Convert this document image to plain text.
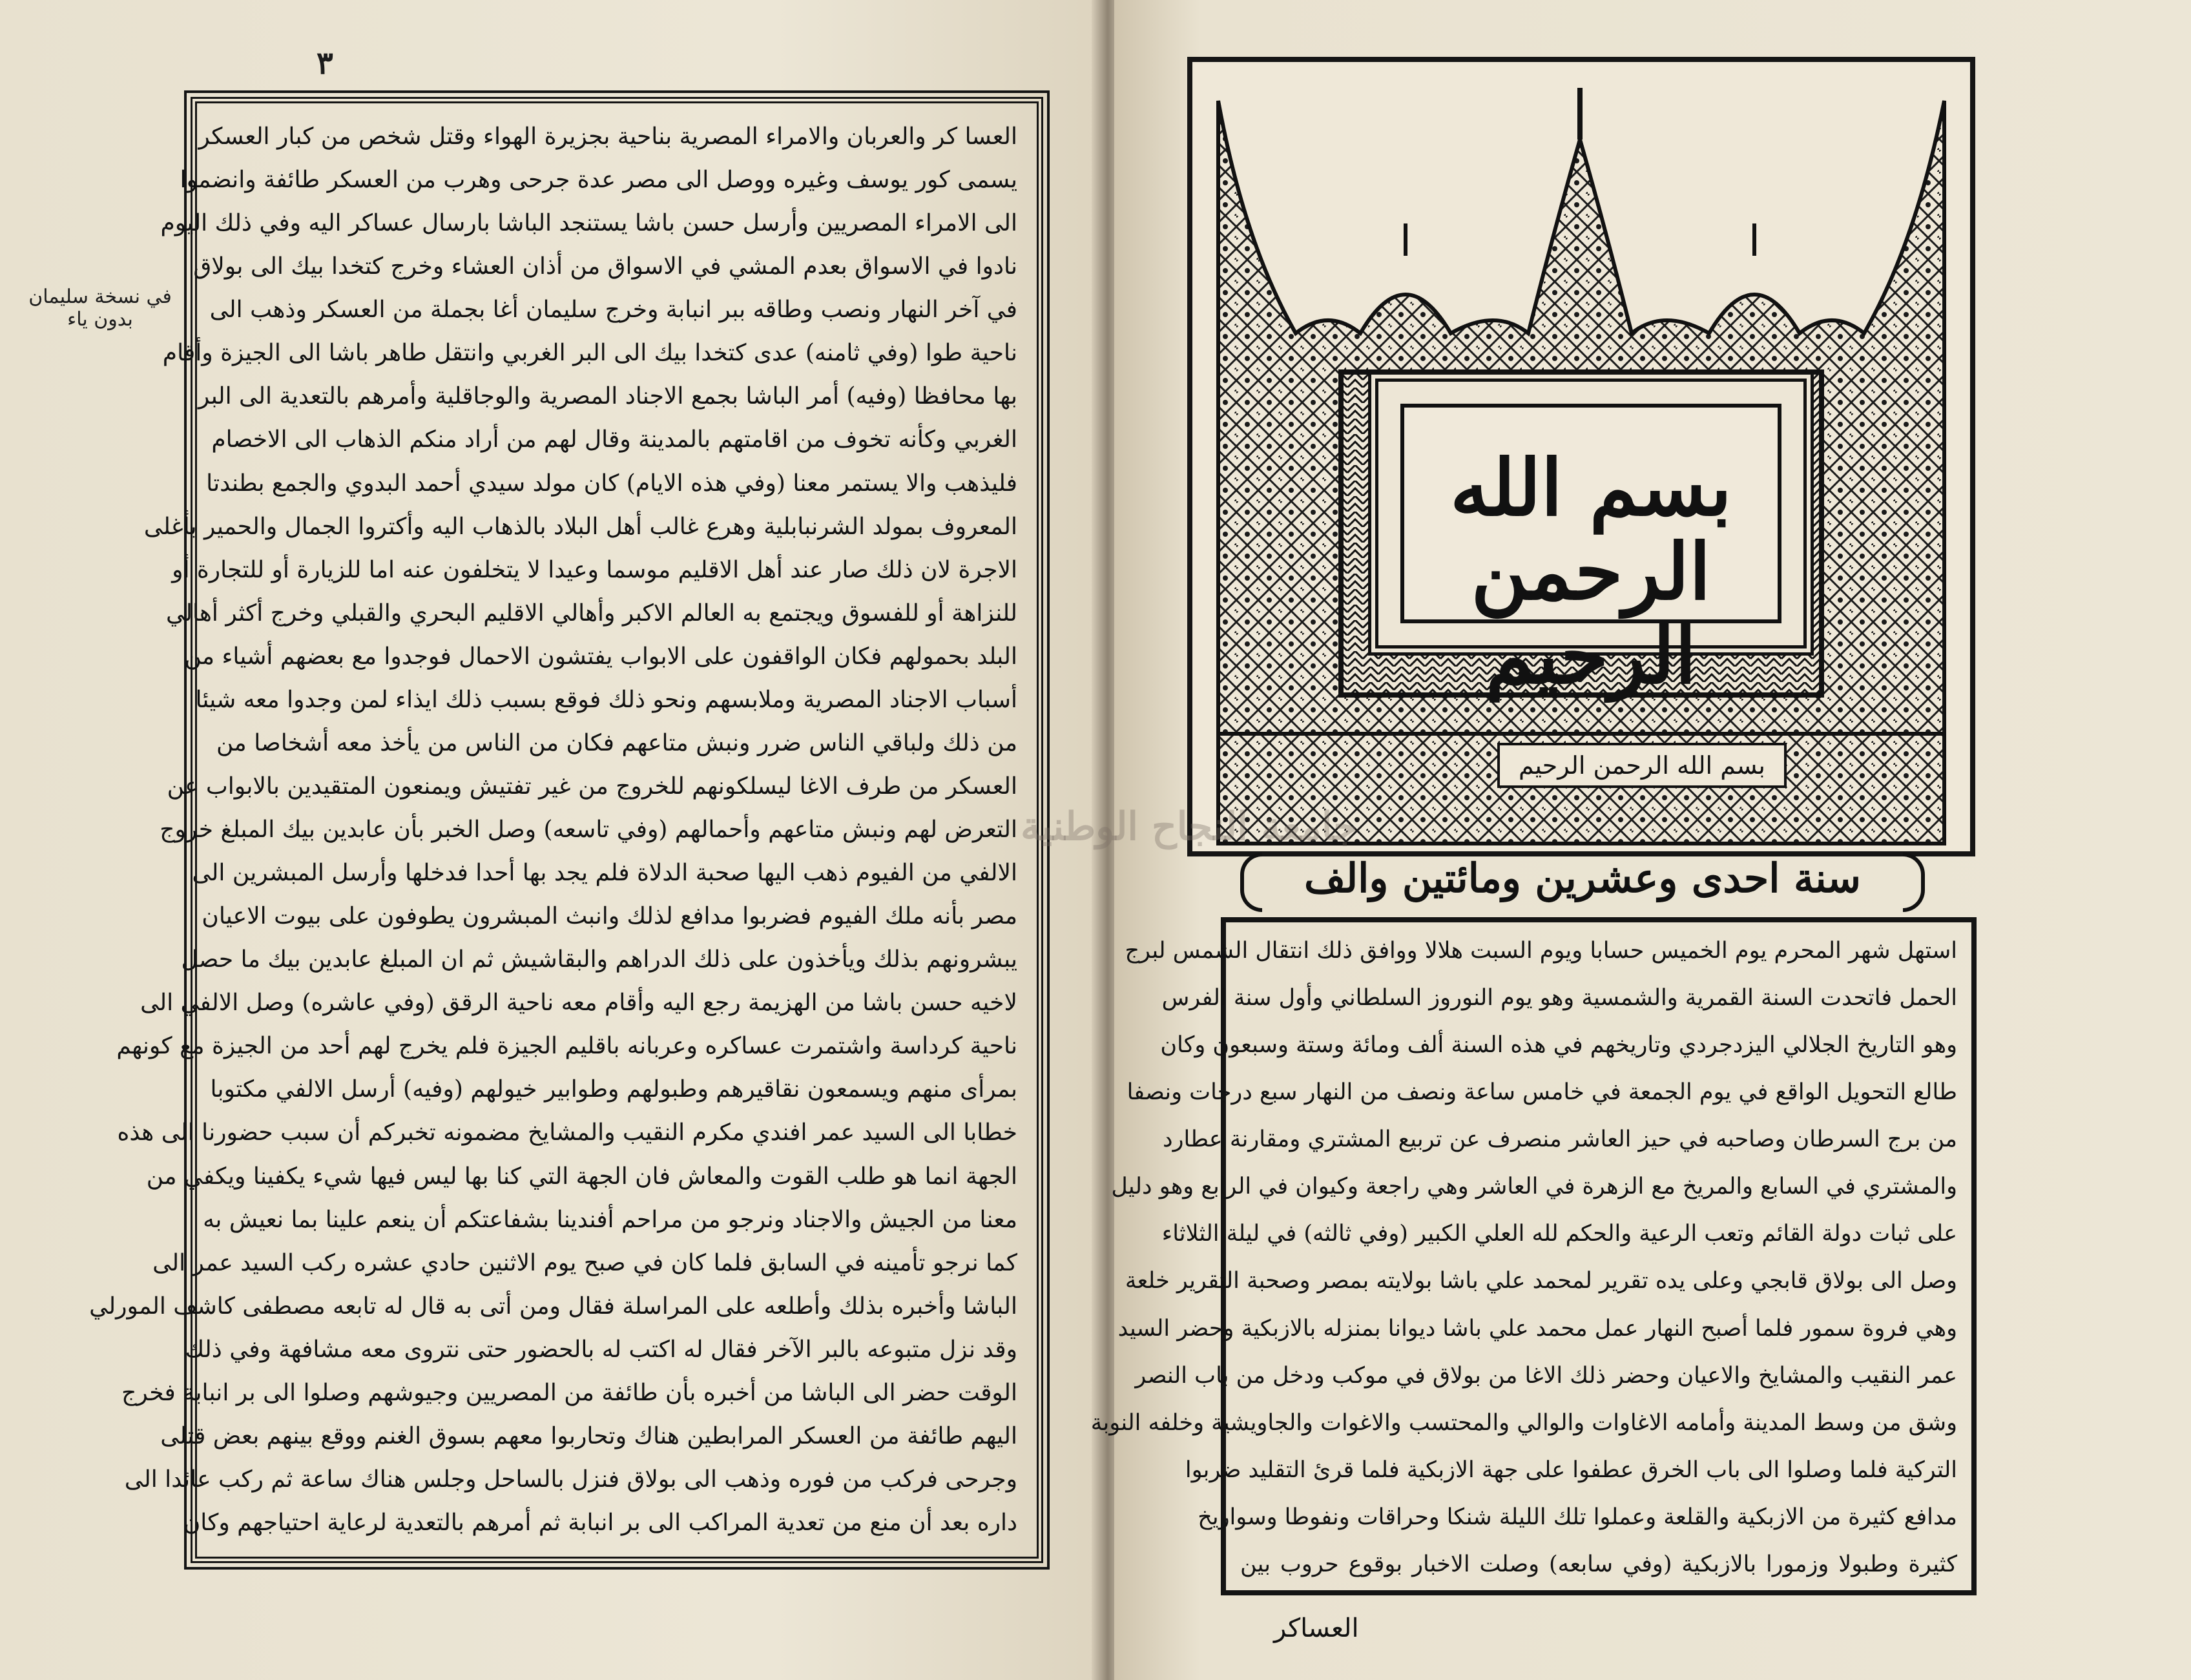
٣
في نسخة سليمان بدون ياء
العسا كر والعربان والامراء المصرية بناحية بجزيرة الهواء وقتل شخص من كبار العسكر
يسمى كور يوسف وغيره ووصل الى مصر عدة جرحى وهرب من العسكر طائفة وانضموا
الى الامراء المصريين وأرسل حسن باشا يستنجد الباشا بارسال عساكر اليه وفي ذلك اليوم
نادوا في الاسواق بعدم المشي في الاسواق من أذان العشاء وخرج كتخدا بيك الى بولاق
في آخر النهار ونصب وطاقه ببر انبابة وخرج سليمان أغا بجملة من العسكر وذهب الى
ناحية طوا (وفي ثامنه) عدى كتخدا بيك الى البر الغربي وانتقل طاهر باشا الى الجيزة وأقام
بها محافظا (وفيه) أمر الباشا بجمع الاجناد المصرية والوجاقلية وأمرهم بالتعدية الى البر
الغربي وكأنه تخوف من اقامتهم بالمدينة وقال لهم من أراد منكم الذهاب الى الاخصام
فليذهب والا يستمر معنا (وفي هذه الايام) كان مولد سيدي أحمد البدوي والجمع بطندتا
المعروف بمولد الشرنبابلية وهرع غالب أهل البلاد بالذهاب اليه وأكتروا الجمال والحمير بأغلى
الاجرة لان ذلك صار عند أهل الاقليم موسما وعيدا لا يتخلفون عنه اما للزيارة أو للتجارة أو
للنزاهة أو للفسوق ويجتمع به العالم الاكبر وأهالي الاقليم البحري والقبلي وخرج أكثر أهالي
البلد بحمولهم فكان الواقفون على الابواب يفتشون الاحمال فوجدوا مع بعضهم أشياء من
أسباب الاجناد المصرية وملابسهم ونحو ذلك فوقع بسبب ذلك ايذاء لمن وجدوا معه شيئا
من ذلك ولباقي الناس ضرر ونبش متاعهم فكان من الناس من يأخذ معه أشخاصا من
العسكر من طرف الاغا ليسلكونهم للخروج من غير تفتيش ويمنعون المتقيدين بالابواب عن
التعرض لهم ونبش متاعهم وأحمالهم (وفي تاسعه) وصل الخبر بأن عابدين بيك المبلغ خروج
الالفي من الفيوم ذهب اليها صحبة الدلاة فلم يجد بها أحدا فدخلها وأرسل المبشرين الى
مصر بأنه ملك الفيوم فضربوا مدافع لذلك وانبث المبشرون يطوفون على بيوت الاعيان
يبشرونهم بذلك ويأخذون على ذلك الدراهم والبقاشيش ثم ان المبلغ عابدين بيك ما حصل
لاخيه حسن باشا من الهزيمة رجع اليه وأقام معه ناحية الرقق (وفي عاشره) وصل الالفي الى
ناحية كرداسة واشتمرت عساكره وعربانه باقليم الجيزة فلم يخرج لهم أحد من الجيزة مع كونهم
بمرأى منهم ويسمعون نقاقيرهم وطبولهم وطوابير خيولهم (وفيه) أرسل الالفي مكتوبا
خطابا الى السيد عمر افندي مكرم النقيب والمشايخ مضمونه تخبركم أن سبب حضورنا الى هذه
الجهة انما هو طلب القوت والمعاش فان الجهة التي كنا بها ليس فيها شيء يكفينا ويكفي من
معنا من الجيش والاجناد ونرجو من مراحم أفندينا بشفاعتكم أن ينعم علينا بما نعيش به
كما نرجو تأمينه في السابق فلما كان في صبح يوم الاثنين حادي عشره ركب السيد عمر الى
الباشا وأخبره بذلك وأطلعه على المراسلة فقال ومن أتى به قال له تابعه مصطفى كاشف المورلي
وقد نزل متبوعه بالبر الآخر فقال له اكتب له بالحضور حتى نتروى معه مشافهة وفي ذلك
الوقت حضر الى الباشا من أخبره بأن طائفة من المصريين وجيوشهم وصلوا الى بر انبابة فخرج
اليهم طائفة من العسكر المرابطين هناك وتحاربوا معهم بسوق الغنم ووقع بينهم بعض قتلى
وجرحى فركب من فوره وذهب الى بولاق فنزل بالساحل وجلس هناك ساعة ثم ركب عائدا الى
داره بعد أن منع من تعدية المراكب الى بر انبابة ثم أمرهم بالتعدية لرعاية احتياجهم وكان
بسم الله الرحمن الرحيم
بسم الله الرحمن الرحيم
سنة احدى وعشرين ومائتين والف
استهل شهر المحرم يوم الخميس حسابا ويوم السبت هلالا ووافق ذلك انتقال الشمس لبرج
الحمل فاتحدت السنة القمرية والشمسية وهو يوم النوروز السلطاني وأول سنة الفرس
وهو التاريخ الجلالي اليزدجردي وتاريخهم في هذه السنة ألف ومائة وستة وسبعون وكان
طالع التحويل الواقع في يوم الجمعة في خامس ساعة ونصف من النهار سبع درجات ونصفا
من برج السرطان وصاحبه في حيز العاشر منصرف عن تربيع المشتري ومقارنة عطارد
والمشتري في السابع والمريخ مع الزهرة في العاشر وهي راجعة وكيوان في الرابع وهو دليل
على ثبات دولة القائم وتعب الرعية والحكم لله العلي الكبير (وفي ثالثه) في ليلة الثلاثاء
وصل الى بولاق قابجي وعلى يده تقرير لمحمد علي باشا بولايته بمصر وصحبة التقرير خلعة
وهي فروة سمور فلما أصبح النهار عمل محمد علي باشا ديوانا بمنزله بالازبكية وحضر السيد
عمر النقيب والمشايخ والاعيان وحضر ذلك الاغا من بولاق في موكب ودخل من باب النصر
وشق من وسط المدينة وأمامه الاغاوات والوالي والمحتسب والاغوات والجاويشية وخلفه النوبة
التركية فلما وصلوا الى باب الخرق عطفوا على جهة الازبكية فلما قرئ التقليد ضربوا
مدافع كثيرة من الازبكية والقلعة وعملوا تلك الليلة شنكا وحراقات ونفوطا وسواريخ
كثيرة وطبولا وزمورا بالازبكية (وفي سابعه) وصلت الاخبار بوقوع حروب بين
العساكر
جامعة النجاح الوطنية
